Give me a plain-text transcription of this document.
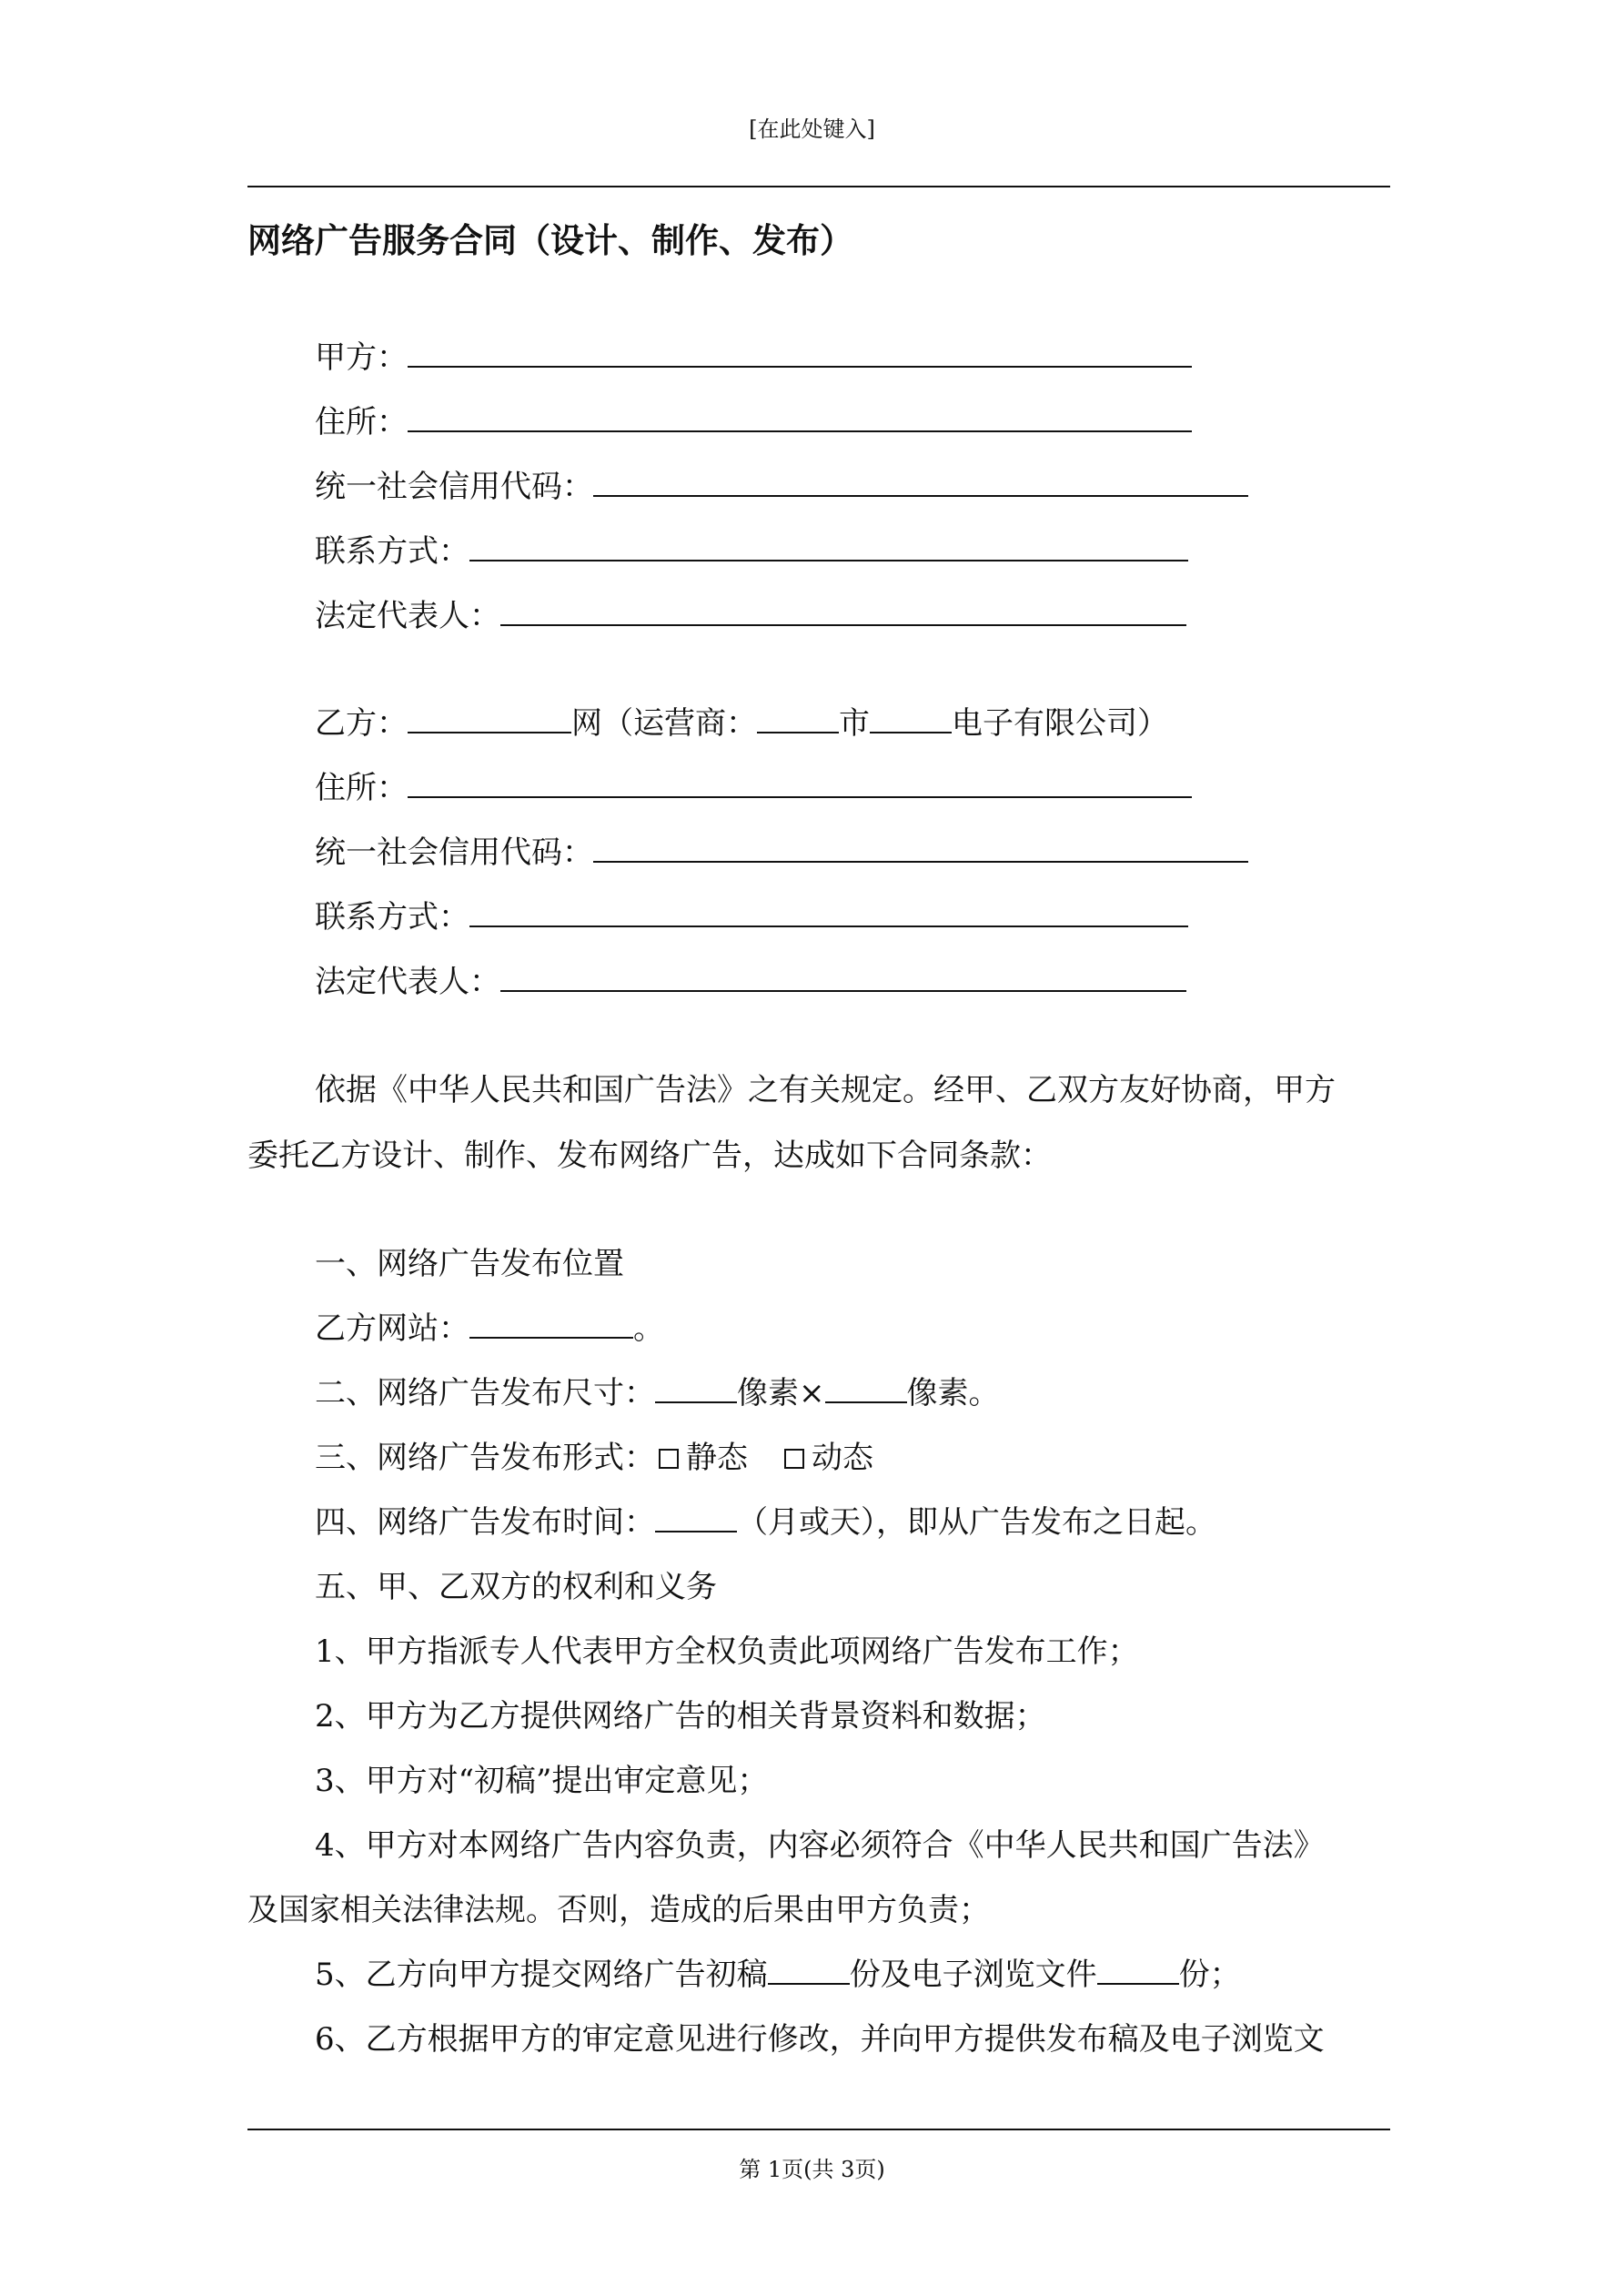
[在此处键入]
网络广告服务合同（设计、制作、发布）
甲方：
住所：
统一社会信用代码：
联系方式：
法定代表人：
乙方：	网（运营商：	市	电子有限公司）
住所：
统一社会信用代码：
联系方式：
法定代表人：
依据《中华人民共和国广告法》之有关规定。经甲、乙双方友好协商，甲方
委托乙方设计、制作、发布网络广告，达成如下合同条款：
一、网络广告发布位置
乙方网站：	。
二、网络广告发布尺寸：	像素×	像素。
三、网络广告发布形式： 静态 动态
四、网络广告发布时间：	（月或天），即从广告发布之日起。
五、甲、乙双方的权利和义务
1、甲方指派专人代表甲方全权负责此项网络广告发布工作；
2、甲方为乙方提供网络广告的相关背景资料和数据；
3、甲方对“初稿”提出审定意见；
4、甲方对本网络广告内容负责，内容必须符合《中华人民共和国广告法》
及国家相关法律法规。否则，造成的后果由甲方负责；
5、乙方向甲方提交网络广告初稿	份及电子浏览文件	份；
6、乙方根据甲方的审定意见进行修改，并向甲方提供发布稿及电子浏览文
第 1页(共 3页)
